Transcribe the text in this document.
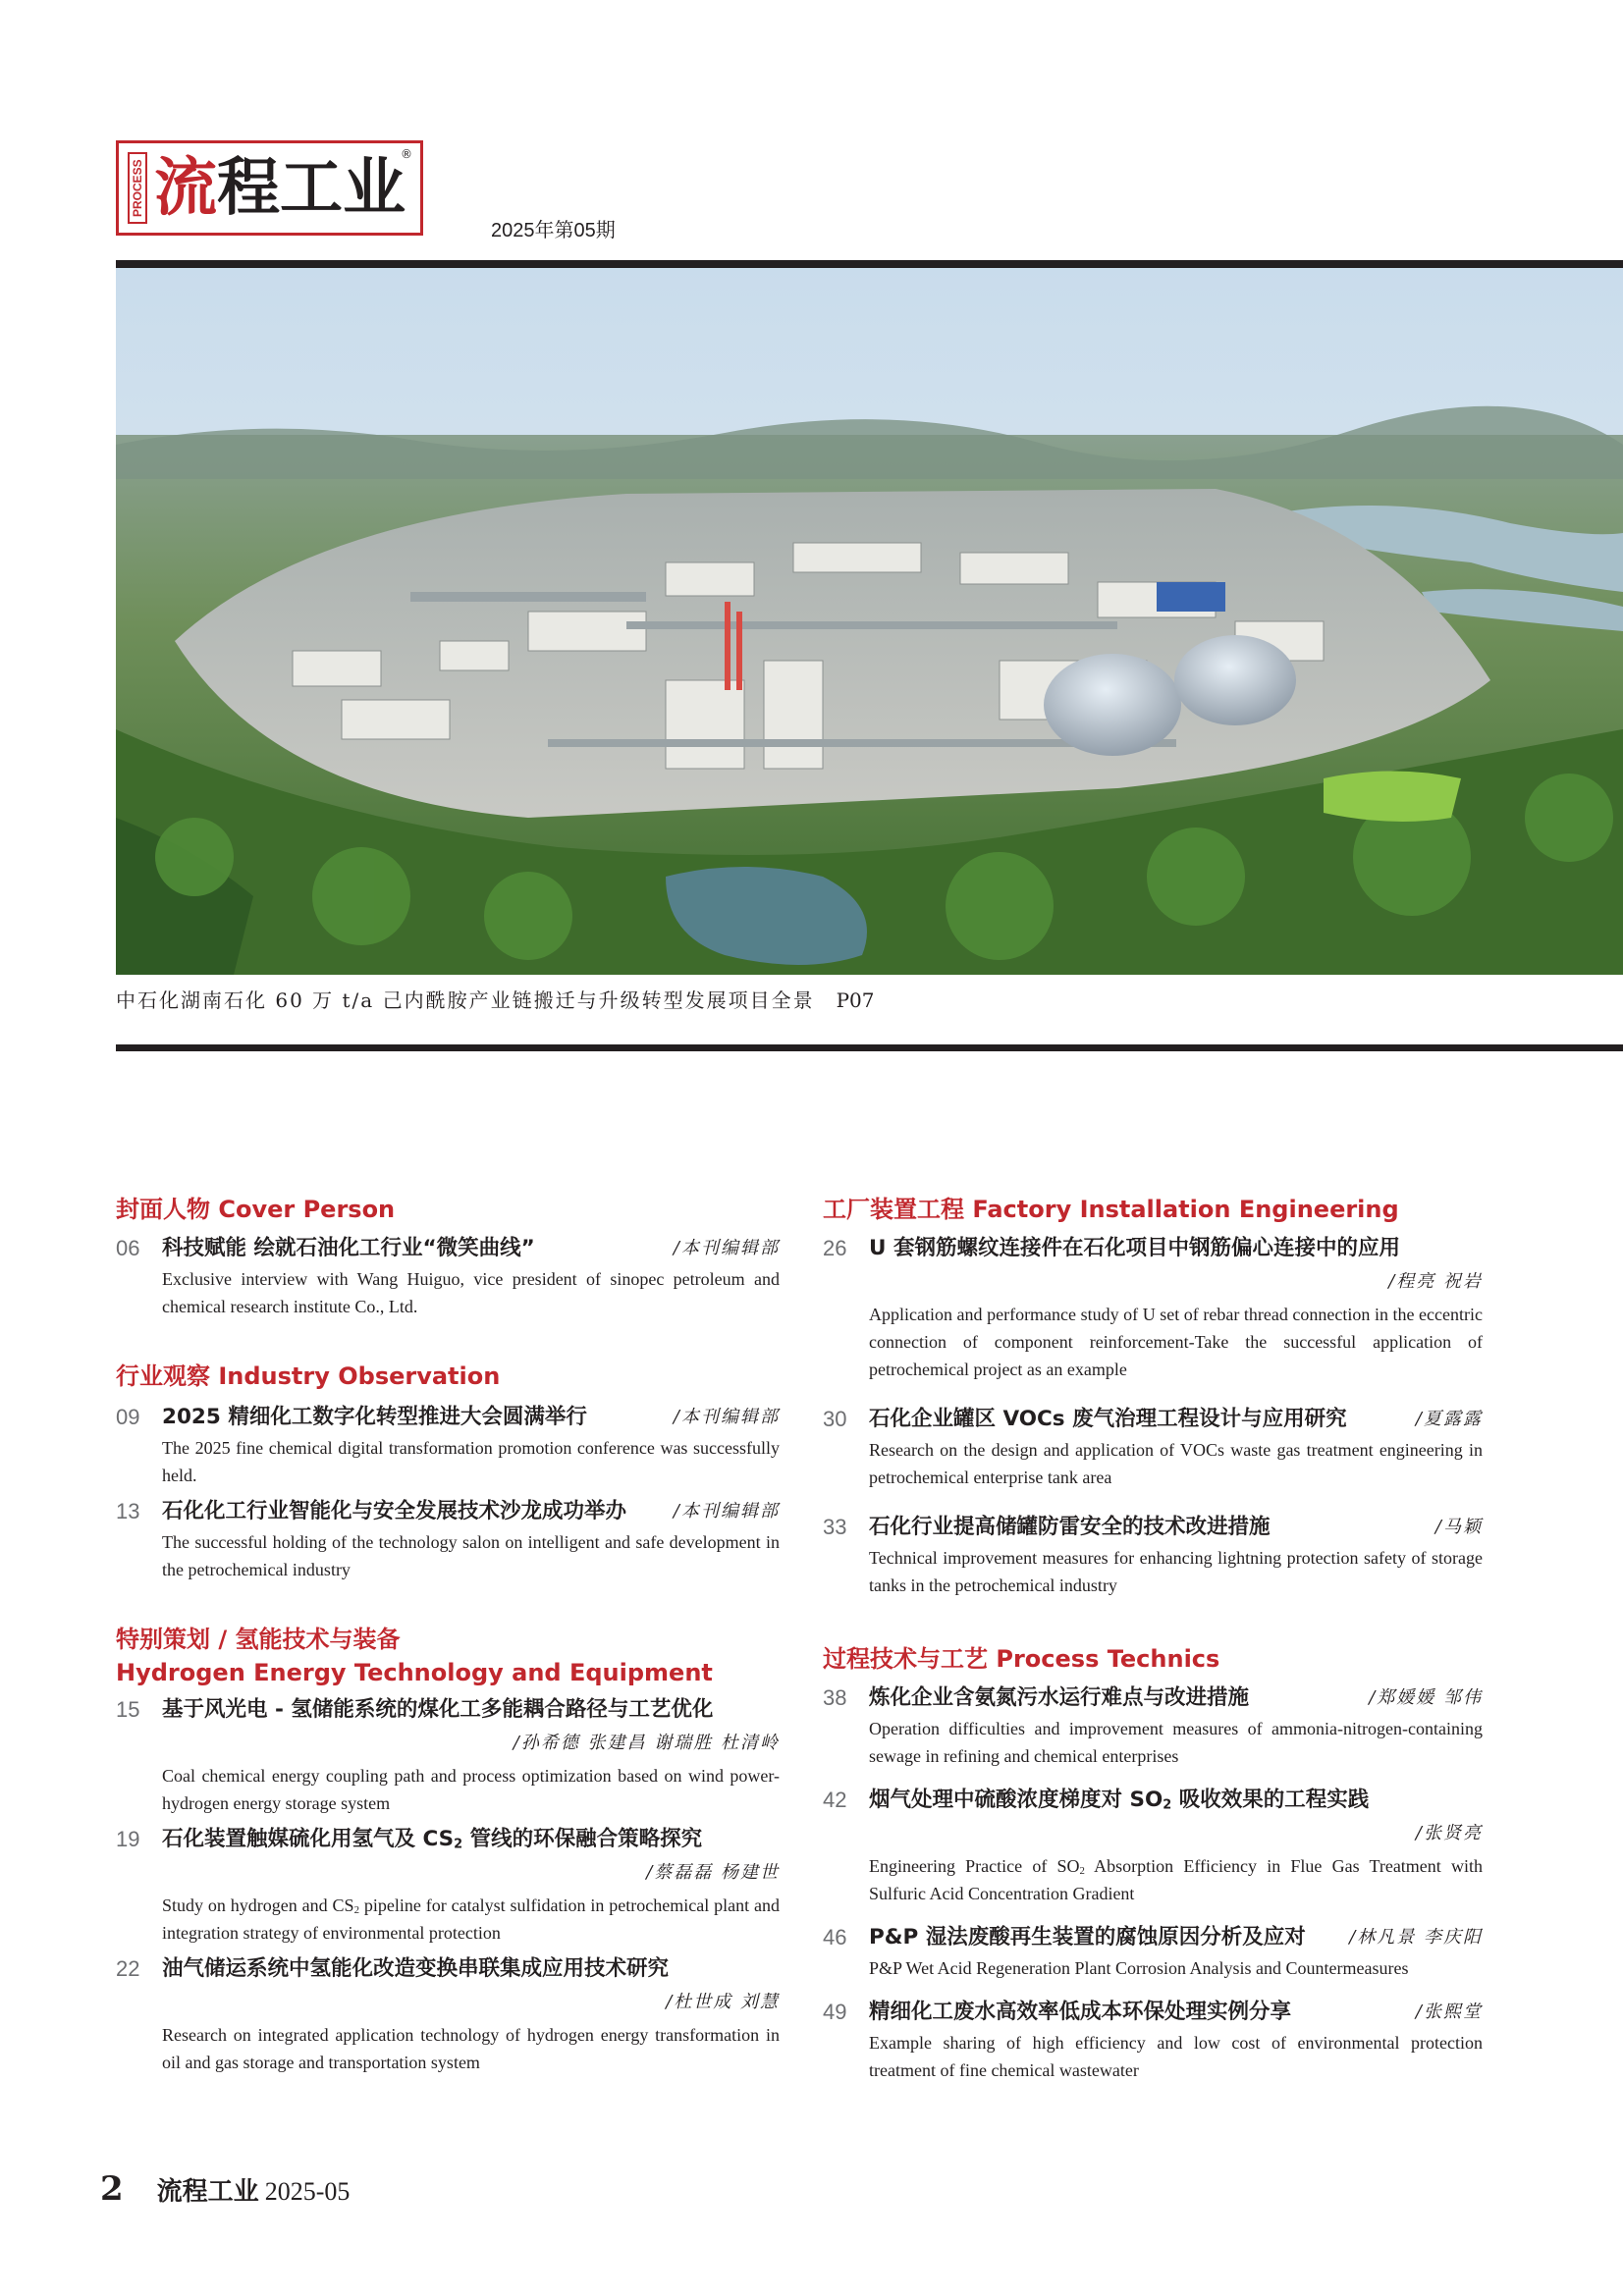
PROCESS 流程工业
®
2025年第05期
中石化湖南石化 60 万 t/a 己内酰胺产业链搬迁与升级转型发展项目全景 P07
封面人物 Cover Person
06 科技赋能 绘就石油化工行业“微笑曲线”	/本刊编辑部
Exclusive interview with Wang Huiguo, vice president of sinopec petroleum and chemical research institute Co., Ltd.
行业观察 Industry Observation
09 2025 精细化工数字化转型推进大会圆满举行	/本刊编辑部
The 2025 fine chemical digital transformation promotion conference was successfully held.
13 石化化工行业智能化与安全发展技术沙龙成功举办	/本刊编辑部
The successful holding of the technology salon on intelligent and safe development in the petrochemical industry
特别策划 / 氢能技术与装备
Hydrogen Energy Technology and Equipment
15 基于风光电 - 氢储能系统的煤化工多能耦合路径与工艺优化
/孙希德 张建昌 谢瑞胜 杜清岭
Coal chemical energy coupling path and process optimization based on wind power-hydrogen energy storage system
19 石化装置触媒硫化用氢气及 $CS_2$ 管线的环保融合策略探究
/蔡磊磊 杨建世
Study on hydrogen and $CS_2$ pipeline for catalyst sulfidation in petrochemical plant and integration strategy of environmental protection
22 油气储运系统中氢能化改造变换串联集成应用技术研究
/杜世成 刘慧
Research on integrated application technology of hydrogen energy transformation in oil and gas storage and transportation system
工厂装置工程 Factory Installation Engineering
26 U 套钢筋螺纹连接件在石化项目中钢筋偏心连接中的应用
/程亮 祝岩
Application and performance study of U set of rebar thread connection in the eccentric connection of component reinforcement-Take the successful application of petrochemical project as an example
30 石化企业罐区 VOCs 废气治理工程设计与应用研究	/夏露露
Research on the design and application of VOCs waste gas treatment engineering in petrochemical enterprise tank area
33 石化行业提高储罐防雷安全的技术改进措施	/马颖
Technical improvement measures for enhancing lightning protection safety of storage tanks in the petrochemical industry
过程技术与工艺 Process Technics
38 炼化企业含氨氮污水运行难点与改进措施	/郑媛媛 邹伟
Operation difficulties and improvement measures of ammonia-nitrogen-containing sewage in refining and chemical enterprises
42 烟气处理中硫酸浓度梯度对 $SO_2$ 吸收效果的工程实践
/张贤亮
Engineering Practice of $SO_2$ Absorption Efficiency in Flue Gas Treatment with Sulfuric Acid Concentration Gradient
46 P&P 湿法废酸再生装置的腐蚀原因分析及应对	/林凡景 李庆阳
P&P Wet Acid Regeneration Plant Corrosion Analysis and Countermeasures
49 精细化工废水高效率低成本环保处理实例分享	/张熙堂
Example sharing of high efficiency and low cost of environmental protection treatment of fine chemical wastewater
2 流程工业 2025-05
